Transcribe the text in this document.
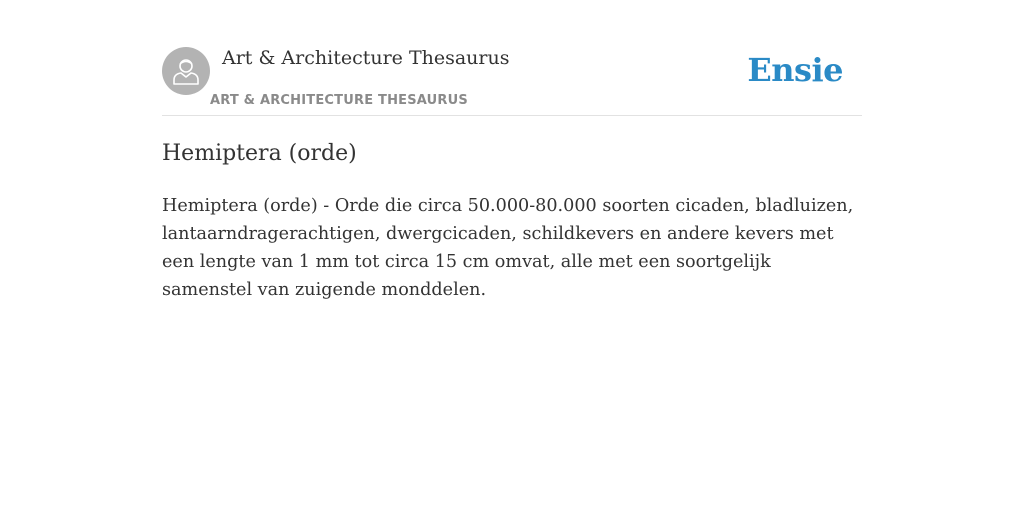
Art & Architecture Thesaurus
ART & ARCHITECTURE THESAURUS
Ensie
Hemiptera (orde)

Hemiptera (orde) - Orde die circa 50.000-80.000 soorten cicaden, bladluizen, lantaarndragerachtigen, dwergcicaden, schildkevers en andere kevers met een lengte van 1 mm tot circa 15 cm omvat, alle met een soortgelijk samenstel van zuigende monddelen.
